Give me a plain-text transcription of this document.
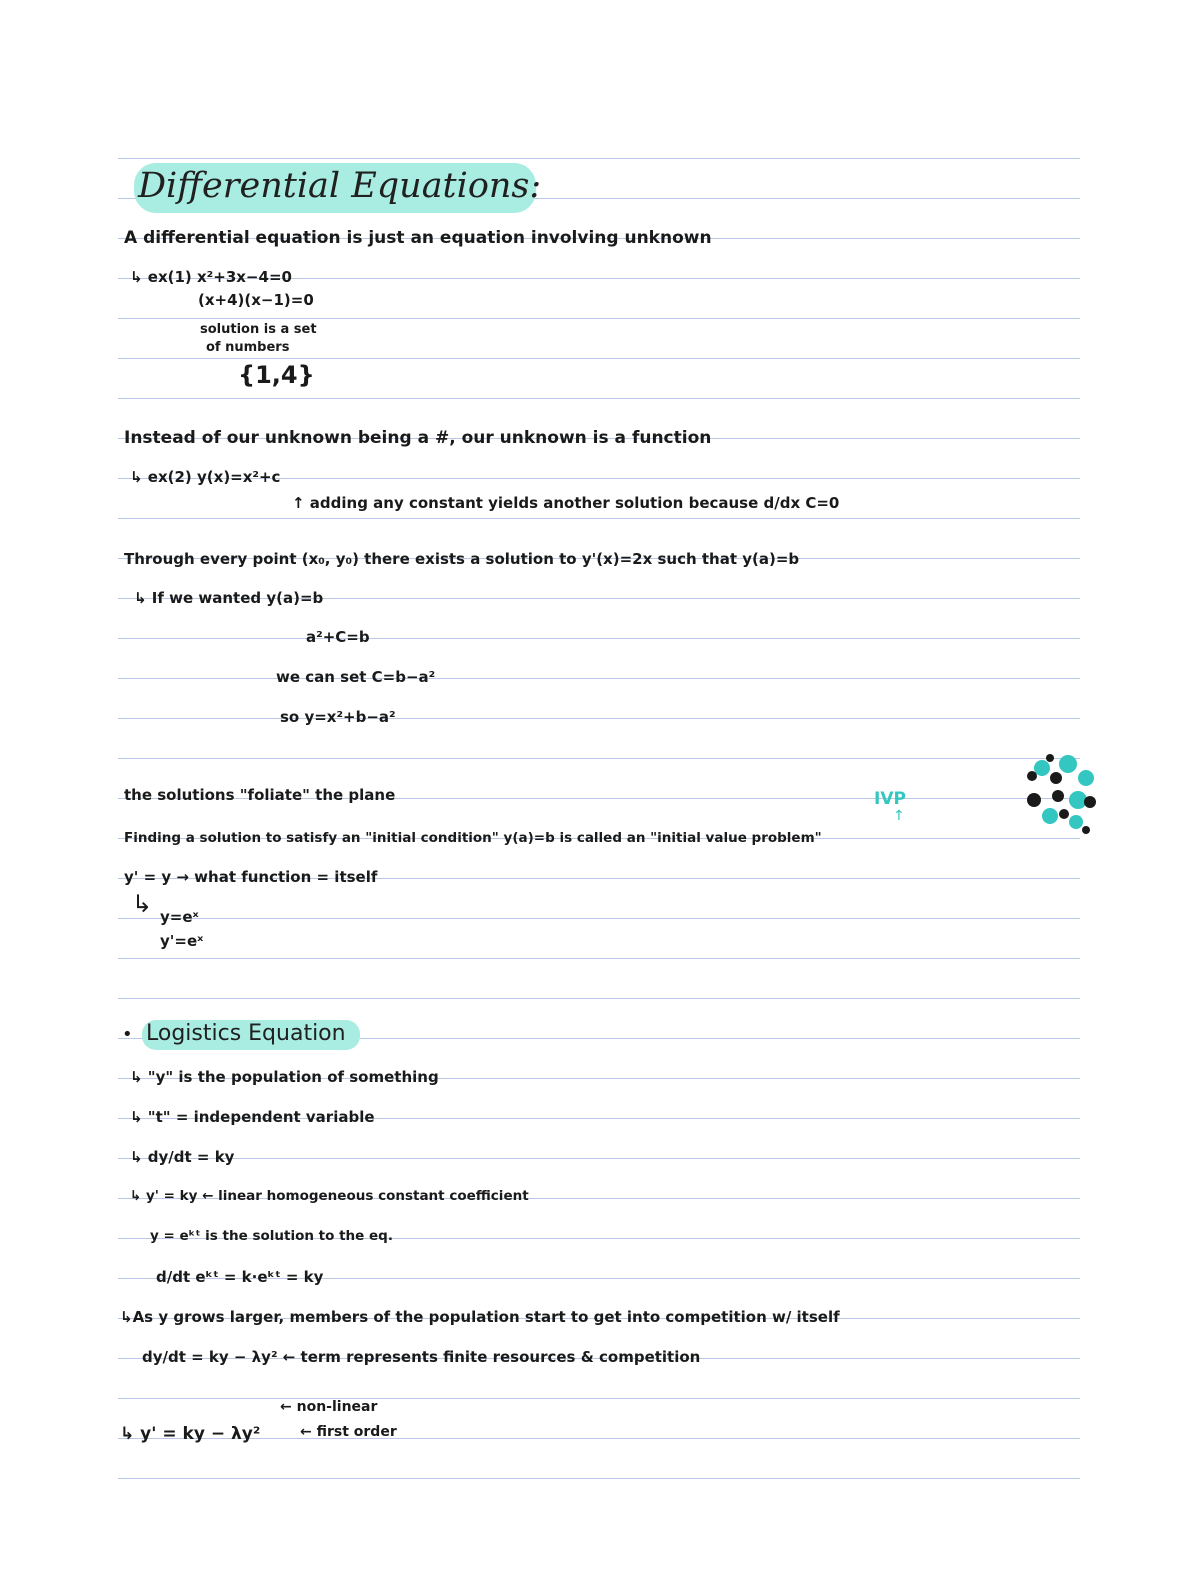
Differential Equations:
A differential equation is just an equation involving unknown
↳ ex(1) x²+3x−4=0
(x+4)(x−1)=0
solution is a set
of numbers
{1,4}
Instead of our unknown being a #, our unknown is a function
↳ ex(2) y(x)=x²+c
↑ adding any constant yields another solution because d/dx C=0
Through every point (x₀, y₀) there exists a solution to y'(x)=2x such that y(a)=b
↳ If we wanted y(a)=b
a²+C=b
we can set C=b−a²
so y=x²+b−a²
the solutions "foliate" the plane	IVP
↑
Finding a solution to satisfy an "initial condition" y(a)=b is called an "initial value problem"
y' = y → what function = itself
↳ y=eˣ
y'=eˣ
• Logistics Equation
↳ "y" is the population of something
↳ "t" = independent variable
↳ dy/dt = ky
↳ y' = ky ← linear homogeneous constant coefficient
y = eᵏᵗ is the solution to the eq.
d/dt eᵏᵗ = k·eᵏᵗ = ky
↳As y grows larger, members of the population start to get into competition w/ itself
dy/dt = ky − λy² ← term represents finite resources & competition
← non-linear
↳ y' = ky − λy²	← first order
